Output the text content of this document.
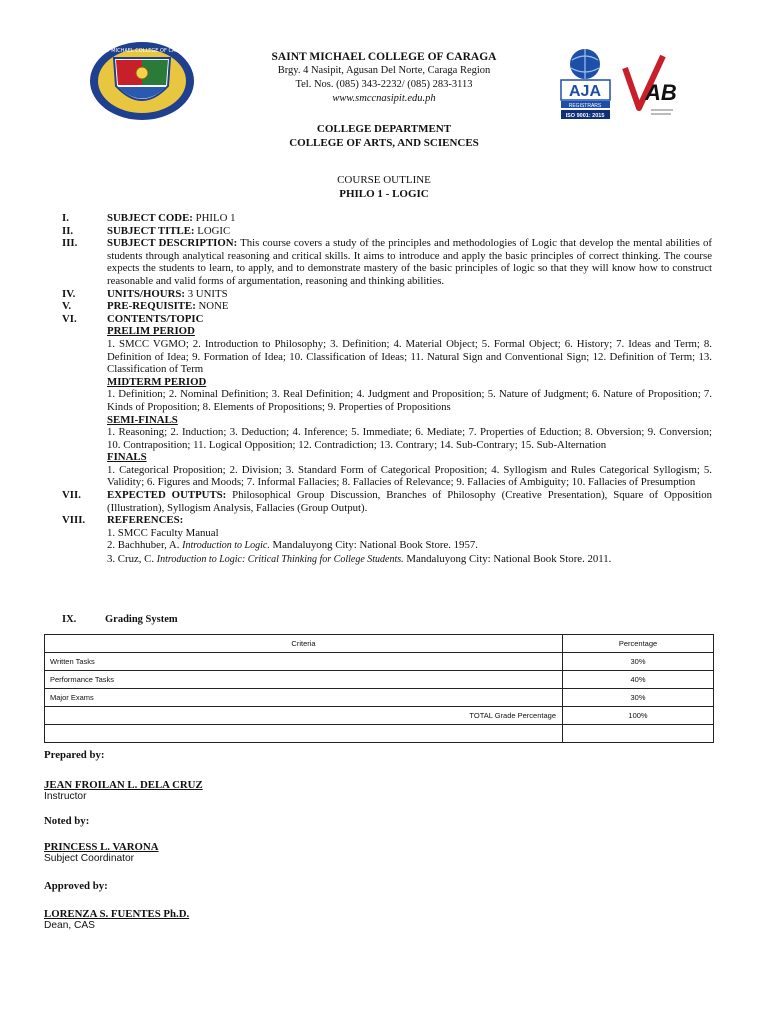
SAINT MICHAEL COLLEGE OF CARAGA
AJA
REGISTRARS
ISO 9001: 2015
AB
SAINT MICHAEL COLLEGE OF CARAGA
Brgy. 4 Nasipit, Agusan Del Norte, Caraga Region
Tel. Nos. (085) 343-2232/ (085) 283-3113
www.smccnasipit.edu.ph
COLLEGE DEPARTMENT
COLLEGE OF ARTS, AND SCIENCES
COURSE OUTLINE
PHILO 1 - LOGIC
I.	SUBJECT CODE: PHILO 1
II.	SUBJECT TITLE: LOGIC
III.	SUBJECT DESCRIPTION: This course covers a study of the principles and methodologies of Logic that develop the mental abilities of students through analytical reasoning and critical skills. It aims to introduce and apply the basic principles of correct thinking. The course expects the students to learn, to apply, and to demonstrate mastery of the basic principles of logic so that they will know how to construct reasonable and valid forms of argumentation, reasoning and thinking abilities.
IV.	UNITS/HOURS: 3 UNITS
V.	PRE-REQUISITE: NONE
VI.	CONTENTS/TOPIC
PRELIM PERIOD
1. SMCC VGMO; 2. Introduction to Philosophy; 3. Definition; 4. Material Object; 5. Formal Object; 6. History; 7. Ideas and Term; 8. Definition of Idea; 9. Formation of Idea; 10. Classification of Ideas; 11. Natural Sign and Conventional Sign; 12. Definition of Term; 13. Classification of Term
MIDTERM PERIOD
1. Definition; 2. Nominal Definition; 3. Real Definition; 4. Judgment and Proposition; 5. Nature of Judgment; 6. Nature of Proposition; 7. Kinds of Proposition; 8. Elements of Propositions; 9. Properties of Propositions
SEMI-FINALS
1. Reasoning; 2. Induction; 3. Deduction; 4. Inference; 5. Immediate; 6. Mediate; 7. Properties of Eduction; 8. Obversion; 9. Conversion; 10. Contraposition; 11. Logical Opposition; 12. Contradiction; 13. Contrary; 14. Sub-Contrary; 15. Sub-Alternation
FINALS
1. Categorical Proposition; 2. Division; 3. Standard Form of Categorical Proposition; 4. Syllogism and Rules Categorical Syllogism; 5. Validity; 6. Figures and Moods; 7. Informal Fallacies; 8. Fallacies of Relevance; 9. Fallacies of Ambiguity; 10. Fallacies of Presumption
VII.	EXPECTED OUTPUTS: Philosophical Group Discussion, Branches of Philosophy (Creative Presentation), Square of Opposition (Illustration), Syllogism Analysis, Fallacies (Group Output).
VIII.	REFERENCES:
1. SMCC Faculty Manual
2. Bachhuber, A. Introduction to Logic. Mandaluyong City: National Book Store. 1957.
3. Cruz, C. Introduction to Logic: Critical Thinking for College Students. Mandaluyong City: National Book Store. 2011.
IX.	Grading System
Criteria	Percentage
Written Tasks	30%
Performance Tasks	40%
Major Exams	30%
TOTAL Grade Percentage	100%

Prepared by:
JEAN FROILAN L. DELA CRUZ
Instructor
Noted by:
PRINCESS L. VARONA
Subject Coordinator
Approved by:
LORENZA S. FUENTES Ph.D.
Dean, CAS
